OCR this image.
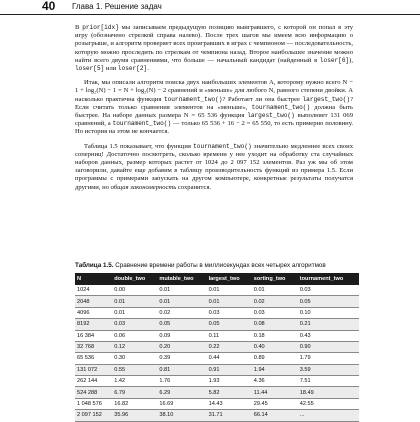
40 Глава 1. Решение задач

В prior[idx] мы записываем предыдущую позицию выигравшего, с которой он попал в эту игру (обозначено стрелкой справа налево). После трех шагов мы имеем всю информацию о розыгрыше, и алгоритм проверяет всех проигравших в играх с чемпионом — последовательность, которую можно проследить по стрелкам от чемпиона назад. Второе наибольшее значение можно найти всего двумя сравнениями, что больше — начальный кандидат (найденный в loser[6]), loser[5] или loser[2].

Итак, мы описали алгоритм поиска двух наибольших элементов A, которому нужно всего N − 1 + log₂(N) − 1 = N + log₂(N) − 2 сравнений и «меньше» для любого N, равного степени двойки. А насколько практична функция tournament_two()? Работает ли она быстрее largest_two()? Если считать только сравнения элементов на «меньше», tournament_two() должна быть быстрее. На наборе данных размера N = 65 536 функция largest_two() выполняет 131 069 сравнений, а tournament_two() — только 65 536 + 16 − 2 = 65 550, то есть примерно половину. Но история на этом не кончается.

Таблица 1.5 показывает, что функция tournament_two() значительно медленнее всех своих соперниц! Достаточно посмотреть, сколько времени у нее уходит на обработку ста случайных наборов данных, размер которых растет от 1024 до 2 097 152 элементов. Раз уж мы об этом заговорили, давайте еще добавим в таблицу производительность функций из примера 1.5. Если программы с примерами запускать на другом компьютере, конкретные результаты получатся другими, но общая закономерность сохранится.

Таблица 1.5. Сравнение времени работы в миллисекундах всех четырех алгоритмов
N	double_two	mutable_two	largest_two	sorting_two	tournament_two
1024	0.00	0.01	0.01	0.01	0.03
2048	0.01	0.01	0.01	0.02	0.05
4096	0.01	0.02	0.03	0.03	0.10
8192	0.03	0.05	0.05	0.08	0.21
16 384	0.06	0.09	0.11	0.18	0.43
32 768	0.12	0.20	0.22	0.40	0.90
65 536	0.30	0.39	0.44	0.89	1.79
131 072	0.55	0.81	0.91	1.94	3.59
262 144	1.42	1.76	1.93	4.36	7.51
524 288	6.79	6.29	5.82	11.44	18.49
1 048 576	16.82	16.69	14.43	29.45	42.55
2 097 152	35.96	38.10	31.71	66.14	...
